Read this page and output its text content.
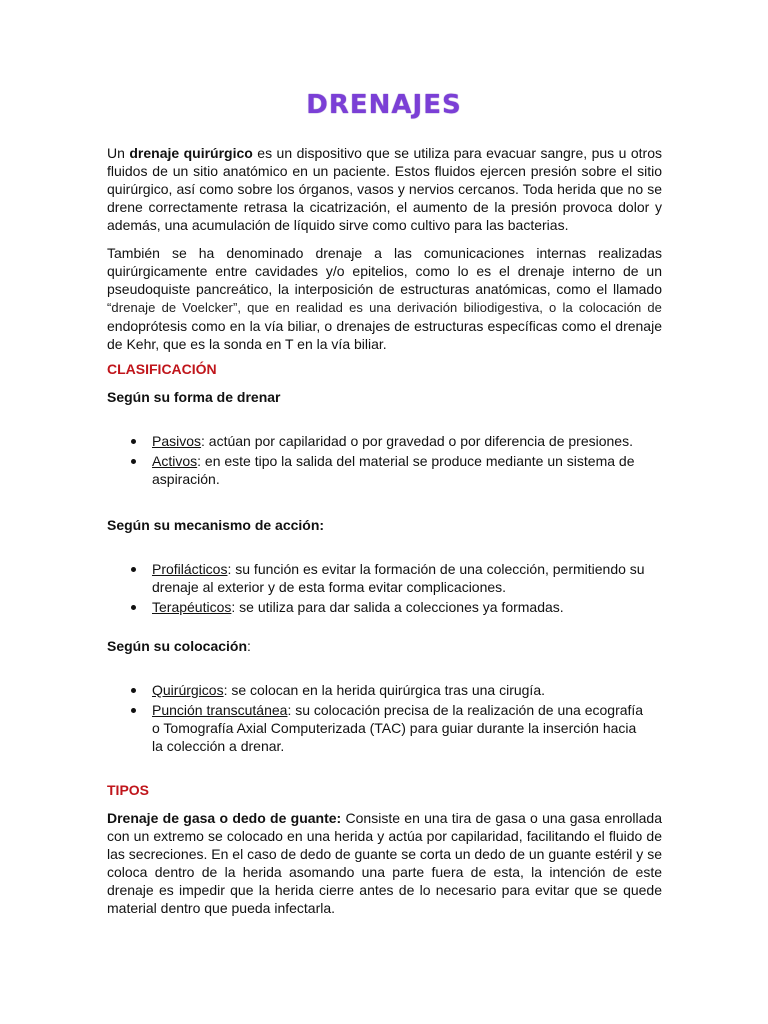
DRENAJES

Un drenaje quirúrgico es un dispositivo que se utiliza para evacuar sangre, pus u otros fluidos de un sitio anatómico en un paciente. Estos fluidos ejercen presión sobre el sitio quirúrgico, así como sobre los órganos, vasos y nervios cercanos. Toda herida que no se drene correctamente retrasa la cicatrización, el aumento de la presión provoca dolor y además, una acumulación de líquido sirve como cultivo para las bacterias.

También se ha denominado drenaje a las comunicaciones internas realizadas quirúrgicamente entre cavidades y/o epitelios, como lo es el drenaje interno de un pseudoquiste pancreático, la interposición de estructuras anatómicas, como el llamado “drenaje de Voelcker”, que en realidad es una derivación biliodigestiva, o la colocación de endoprótesis como en la vía biliar, o drenajes de estructuras específicas como el drenaje de Kehr, que es la sonda en T en la vía biliar.

CLASIFICACIÓN

Según su forma de drenar

Pasivos: actúan por capilaridad o por gravedad o por diferencia de presiones.
Activos: en este tipo la salida del material se produce mediante un sistema de aspiración.

Según su mecanismo de acción:

Profilácticos: su función es evitar la formación de una colección, permitiendo su drenaje al exterior y de esta forma evitar complicaciones.
Terapéuticos: se utiliza para dar salida a colecciones ya formadas.

Según su colocación:

Quirúrgicos: se colocan en la herida quirúrgica tras una cirugía.
Punción transcutánea: su colocación precisa de la realización de una ecografía o Tomografía Axial Computerizada (TAC) para guiar durante la inserción hacia la colección a drenar.

TIPOS

Drenaje de gasa o dedo de guante: Consiste en una tira de gasa o una gasa enrollada con un extremo se colocado en una herida y actúa por capilaridad, facilitando el fluido de las secreciones. En el caso de dedo de guante se corta un dedo de un guante estéril y se coloca dentro de la herida asomando una parte fuera de esta, la intención de este drenaje es impedir que la herida cierre antes de lo necesario para evitar que se quede material dentro que pueda infectarla.
